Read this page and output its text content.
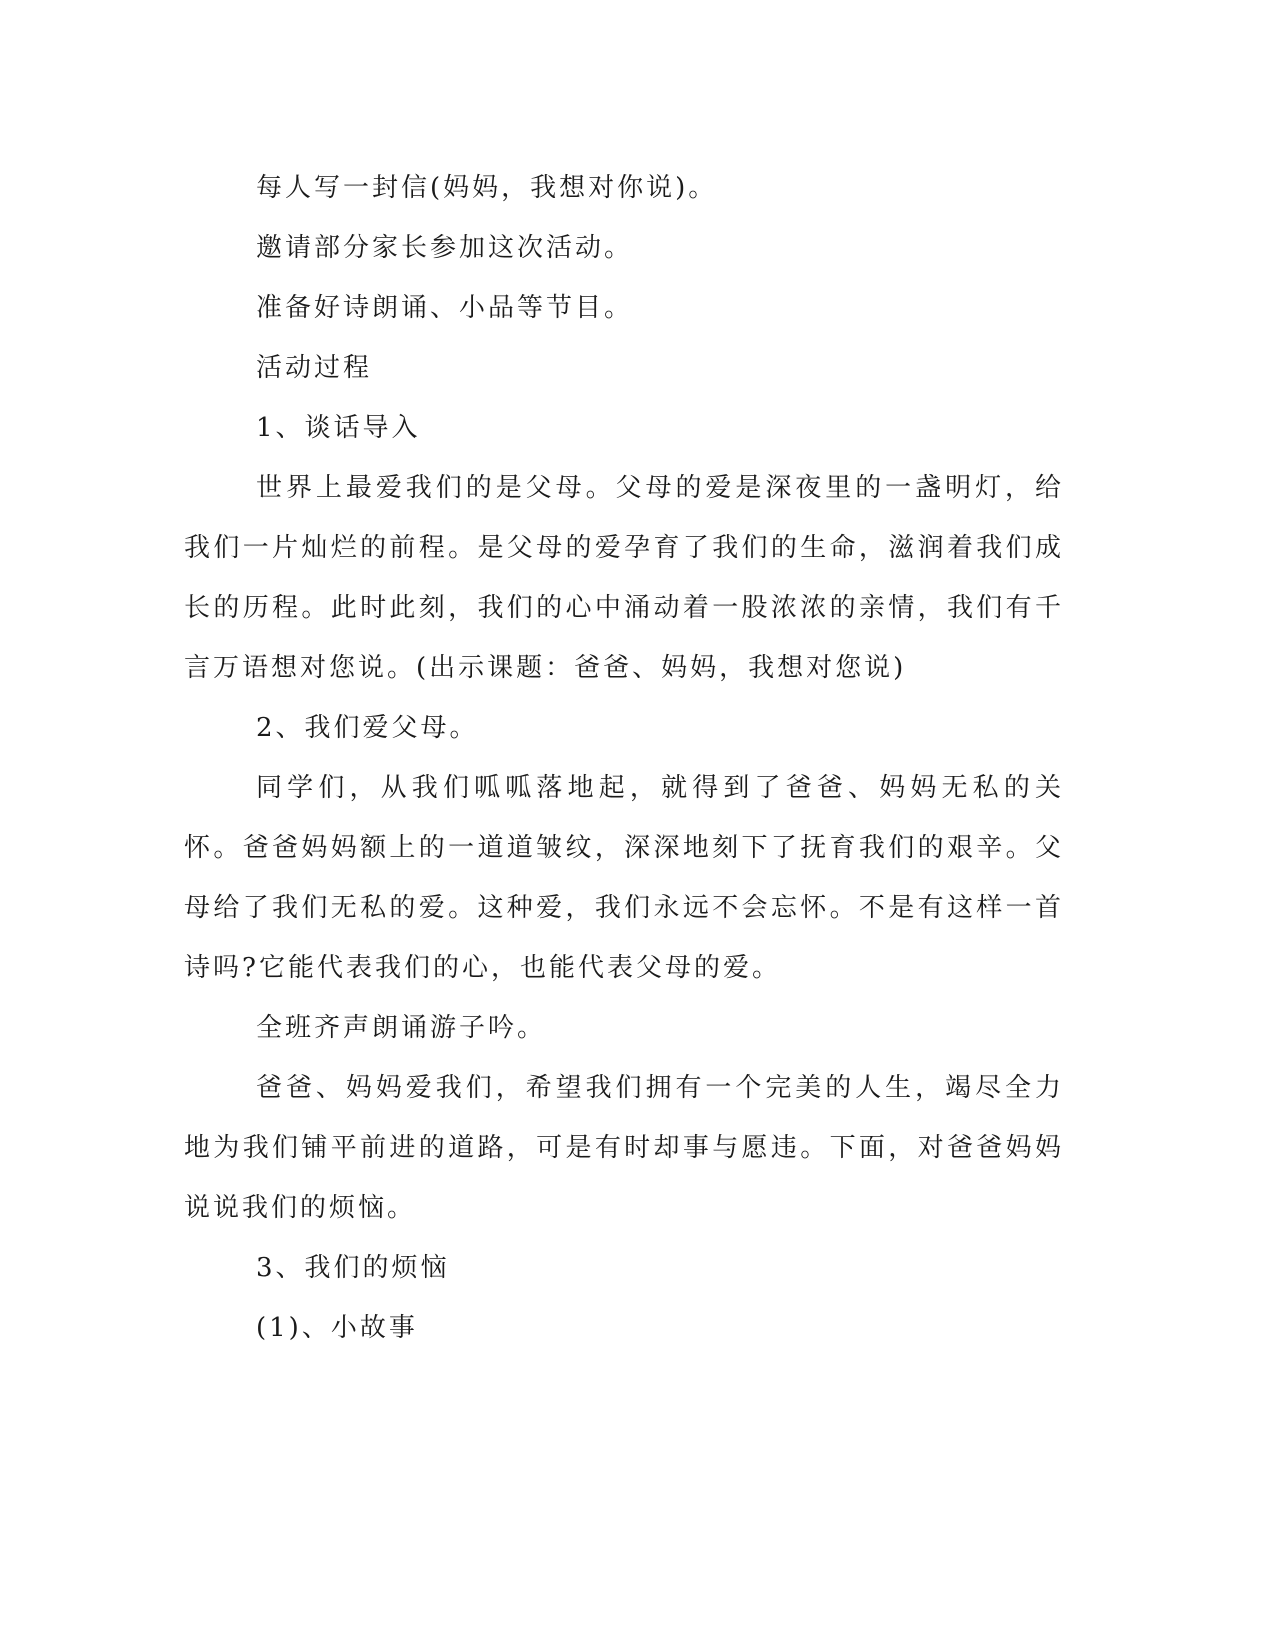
每人写一封信(妈妈，我想对你说)。

邀请部分家长参加这次活动。

准备好诗朗诵、小品等节目。

活动过程

1、谈话导入

世界上最爱我们的是父母。父母的爱是深夜里的一盏明灯，给我们一片灿烂的前程。是父母的爱孕育了我们的生命，滋润着我们成长的历程。此时此刻，我们的心中涌动着一股浓浓的亲情，我们有千言万语想对您说。(出示课题：爸爸、妈妈，我想对您说)

2、我们爱父母。

同学们，从我们呱呱落地起，就得到了爸爸、妈妈无私的关怀。爸爸妈妈额上的一道道皱纹，深深地刻下了抚育我们的艰辛。父母给了我们无私的爱。这种爱，我们永远不会忘怀。不是有这样一首诗吗?它能代表我们的心，也能代表父母的爱。

全班齐声朗诵游子吟。

爸爸、妈妈爱我们，希望我们拥有一个完美的人生，竭尽全力地为我们铺平前进的道路，可是有时却事与愿违。下面，对爸爸妈妈说说我们的烦恼。

3、我们的烦恼

(1)、小故事
